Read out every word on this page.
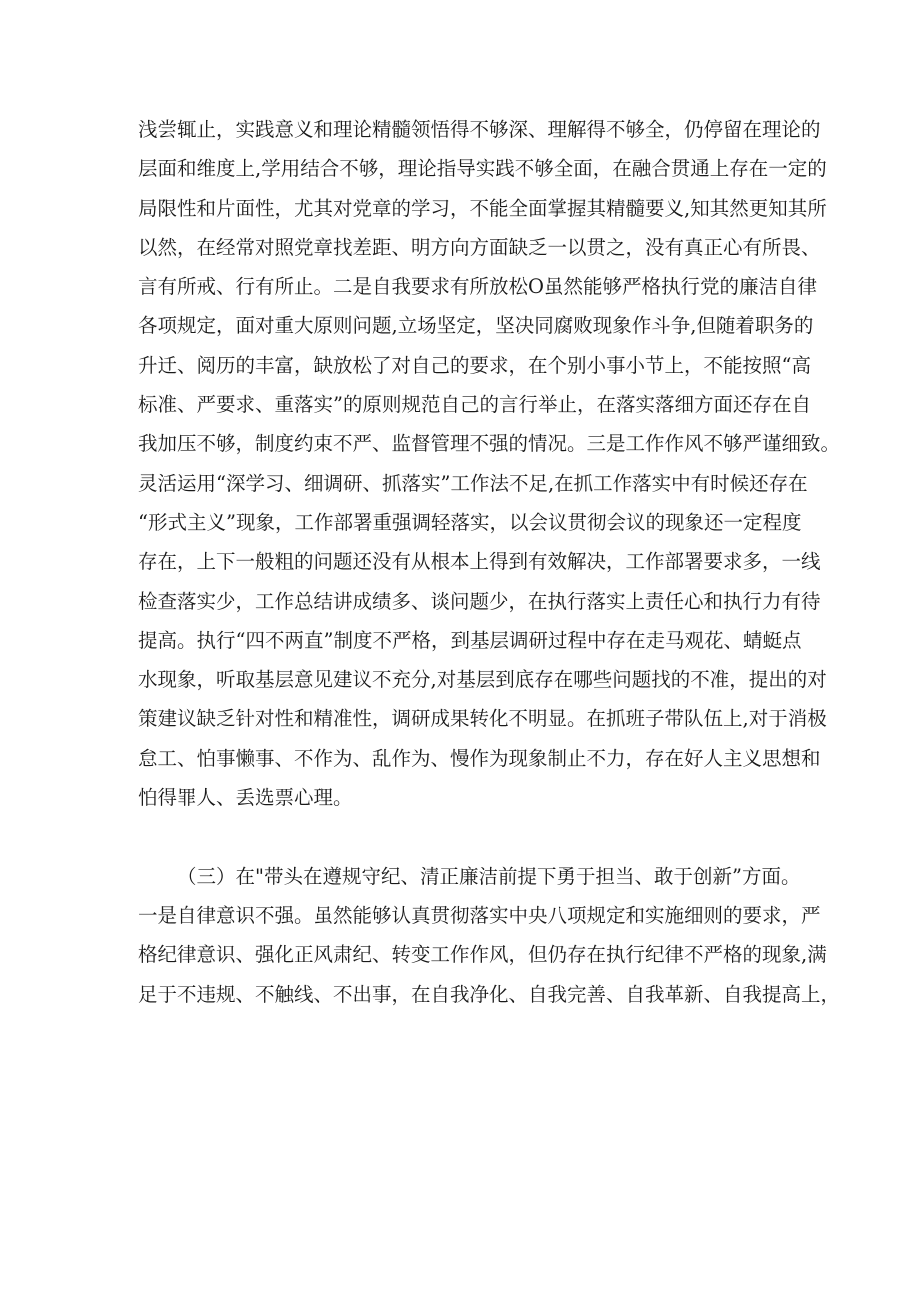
浅尝辄止，实践意义和理论精髓领悟得不够深、理解得不够全，仍停留在理论的
层面和维度上,学用结合不够，理论指导实践不够全面，在融合贯通上存在一定的
局限性和片面性，尤其对党章的学习，不能全面掌握其精髓要义,知其然更知其所
以然，在经常对照党章找差距、明方向方面缺乏一以贯之，没有真正心有所畏、
言有所戒、行有所止。二是自我要求有所放松O虽然能够严格执行党的廉洁自律
各项规定，面对重大原则问题,立场坚定，坚决同腐败现象作斗争,但随着职务的
升迁、阅历的丰富，缺放松了对自己的要求，在个别小事小节上，不能按照“高
标准、严要求、重落实”的原则规范自己的言行举止，在落实落细方面还存在自
我加压不够，制度约束不严、监督管理不强的情况。三是工作作风不够严谨细致。
灵活运用“深学习、细调研、抓落实”工作法不足,在抓工作落实中有时候还存在
“形式主义”现象，工作部署重强调轻落实，以会议贯彻会议的现象还一定程度
存在，上下一般粗的问题还没有从根本上得到有效解决，工作部署要求多，一线
检查落实少，工作总结讲成绩多、谈问题少，在执行落实上责任心和执行力有待
提高。执行“四不两直”制度不严格，到基层调研过程中存在走马观花、蜻蜓点
水现象，听取基层意见建议不充分,对基层到底存在哪些问题找的不准，提出的对
策建议缺乏针对性和精准性，调研成果转化不明显。在抓班子带队伍上,对于消极
怠工、怕事懒事、不作为、乱作为、慢作为现象制止不力，存在好人主义思想和
怕得罪人、丢选票心理。
（三）在"带头在遵规守纪、清正廉洁前提下勇于担当、敢于创新”方面。
一是自律意识不强。虽然能够认真贯彻落实中央八项规定和实施细则的要求，严
格纪律意识、强化正风肃纪、转变工作作风，但仍存在执行纪律不严格的现象,满
足于不违规、不触线、不出事，在自我净化、自我完善、自我革新、自我提高上，
